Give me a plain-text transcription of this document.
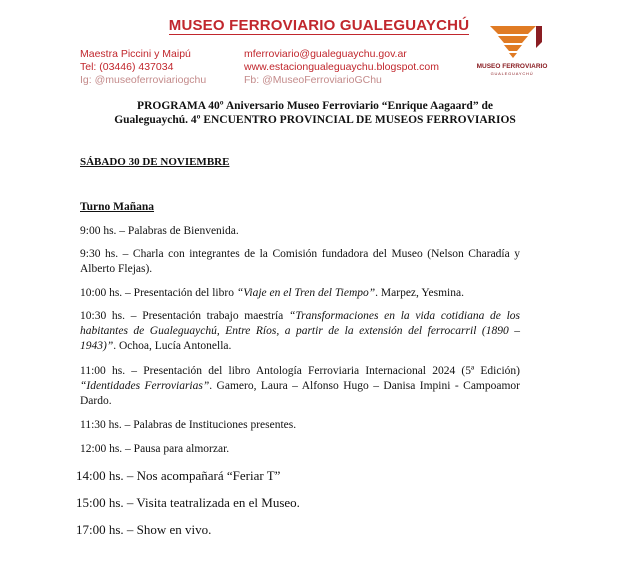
MUSEO FERROVIARIO GUALEGUAYCHÚ
Maestra Piccini y Maipú
Tel: (03446) 437034
Ig: @museoferroviariogchu
mferroviario@gualeguaychu.gov.ar
www.estaciongualeguaychu.blogspot.com
Fb: @MuseoFerroviarioGChu
MUSEO FERROVIARIO
GUALEGUAYCHÚ
PROGRAMA 40º Aniversario Museo Ferroviario “Enrique Aagaard” de
Gualeguaychú. 4º ENCUENTRO PROVINCIAL DE MUSEOS FERROVIARIOS
SÁBADO 30 DE NOVIEMBRE
Turno Mañana
9:00 hs. – Palabras de Bienvenida.
9:30 hs. – Charla con integrantes de la Comisión fundadora del Museo (Nelson Charadía y Alberto Flejas).
10:00 hs. – Presentación del libro “Viaje en el Tren del Tiempo”. Marpez, Yesmina.
10:30 hs. – Presentación trabajo maestría “Transformaciones en la vida cotidiana de los habitantes de Gualeguaychú, Entre Ríos, a partir de la extensión del ferrocarril (1890 – 1943)”. Ochoa, Lucía Antonella.
11:00 hs. – Presentación del libro Antología Ferroviaria Internacional 2024 (5ª Edición) “Identidades Ferroviarias”. Gamero, Laura – Alfonso Hugo – Danisa Impini - Campoamor Dardo.
11:30 hs. – Palabras de Instituciones presentes.
12:00 hs. – Pausa para almorzar.
14:00 hs. – Nos acompañará “Feriar T”
15:00 hs. – Visita teatralizada en el Museo.
17:00 hs. – Show en vivo.
